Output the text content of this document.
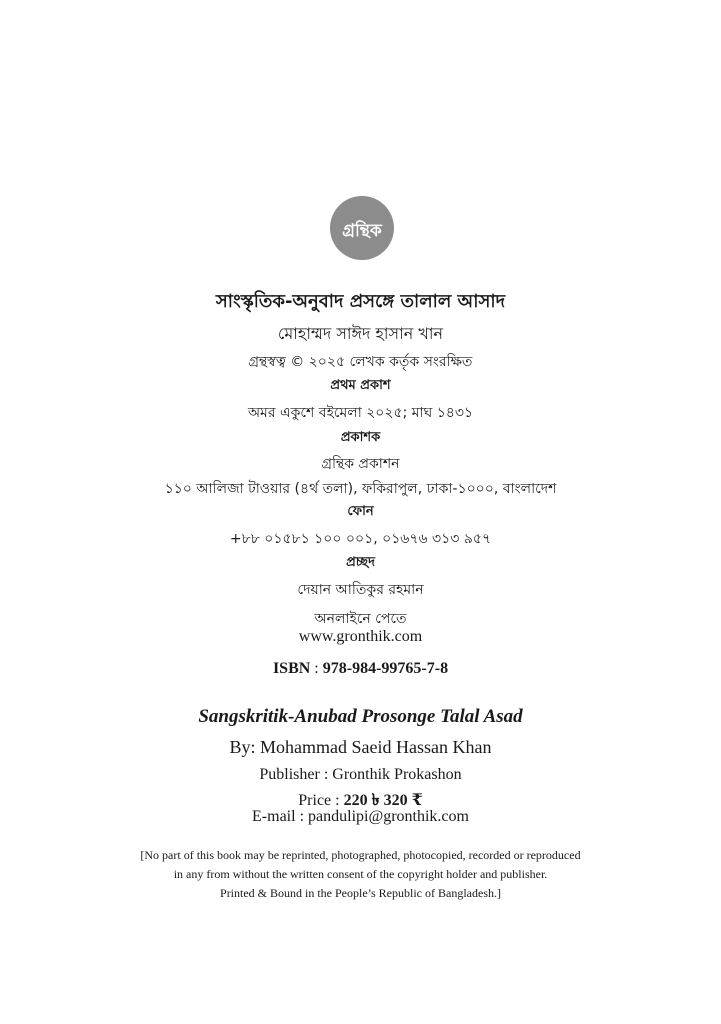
গ্রন্থিক
সাংস্কৃতিক-অনুবাদ প্রসঙ্গে তালাল আসাদ
মোহাম্মদ সাঈদ হাসান খান
গ্রন্থস্বত্ব © ২০২৫ লেখক কর্তৃক সংরক্ষিত
প্রথম প্রকাশ
অমর একুশে বইমেলা ২০২৫; মাঘ ১৪৩১
প্রকাশক
গ্রন্থিক প্রকাশন
১১০ আলিজা টাওয়ার (৪র্থ তলা), ফকিরাপুল, ঢাকা-১০০০, বাংলাদেশ
ফোন
+৮৮ ০১৫৮১ ১০০ ০০১, ০১৬৭৬ ৩১৩ ৯৫৭
প্রচ্ছদ
দেয়ান আতিকুর রহমান
অনলাইনে পেতে
www.gronthik.com
ISBN : 978-984-99765-7-8
Sangskritik-Anubad Prosonge Talal Asad
By: Mohammad Saeid Hassan Khan
Publisher : Gronthik Prokashon
Price : 220 ৳ 320 ₹
E-mail : pandulipi@gronthik.com
[No part of this book may be reprinted, photographed, photocopied, recorded or reproduced
in any from without the written consent of the copyright holder and publisher.
Printed & Bound in the People’s Republic of Bangladesh.]
